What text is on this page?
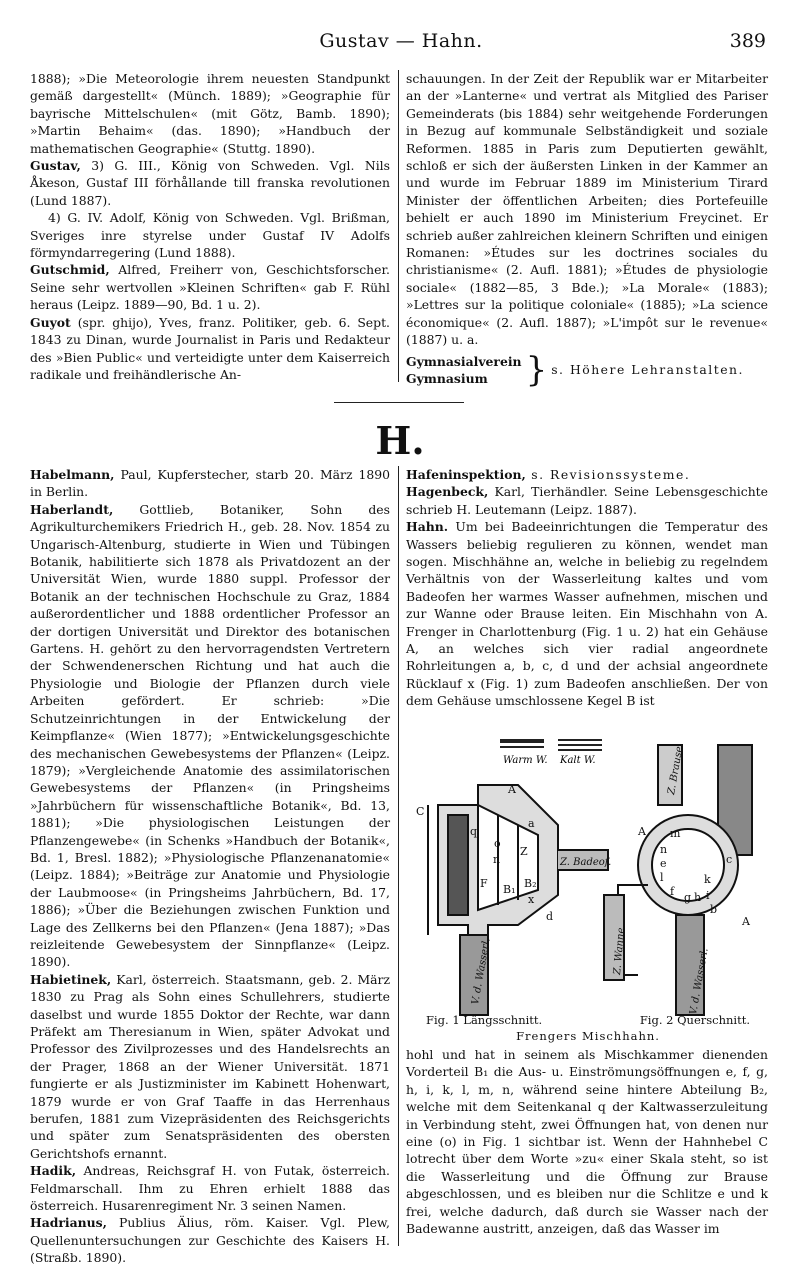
Gustav — Hahn.	389

1888); »Die Meteorologie ihrem neuesten Standpunkt gemäß dargestellt« (Münch. 1889); »Geographie für bayrische Mittelschulen« (mit Götz, Bamb. 1890); »Martin Behaim« (das. 1890); »Handbuch der mathematischen Geographie« (Stuttg. 1890).

Gustav, 3) G. III., König von Schweden. Vgl. Nils Åkeson, Gustaf III förhållande till franska revolutionen (Lund 1887).

4) G. IV. Adolf, König von Schweden. Vgl. Brißman, Sveriges inre styrelse under Gustaf IV Adolfs förmyndarregering (Lund 1888).

Gutschmid, Alfred, Freiherr von, Geschichtsforscher. Seine sehr wertvollen »Kleinen Schriften« gab F. Rühl heraus (Leipz. 1889—90, Bd. 1 u. 2).

Guyot (spr. ghijo), Yves, franz. Politiker, geb. 6. Sept. 1843 zu Dinan, wurde Journalist in Paris und Redakteur des »Bien Public« und verteidigte unter dem Kaiserreich radikale und freihändlerische An-

schauungen. In der Zeit der Republik war er Mitarbeiter an der »Lanterne« und vertrat als Mitglied des Pariser Gemeinderats (bis 1884) sehr weitgehende Forderungen in Bezug auf kommunale Selbständigkeit und soziale Reformen. 1885 in Paris zum Deputierten gewählt, schloß er sich der äußersten Linken in der Kammer an und wurde im Februar 1889 im Ministerium Tirard Minister der öffentlichen Arbeiten; dies Portefeuille behielt er auch 1890 im Ministerium Freycinet. Er schrieb außer zahlreichen kleinern Schriften und einigen Romanen: »Études sur les doctrines sociales du christianisme« (2. Aufl. 1881); »Études de physiologie sociale« (1882—85, 3 Bde.); »La Morale« (1883); »Lettres sur la politique coloniale« (1885); »La science économique« (2. Aufl. 1887); »L'impôt sur le revenue« (1887) u. a.

Gymnasialverein
Gymnasium	} s. Höhere Lehranstalten.
H.

Habelmann, Paul, Kupferstecher, starb 20. März 1890 in Berlin.

Haberlandt, Gottlieb, Botaniker, Sohn des Agrikulturchemikers Friedrich H., geb. 28. Nov. 1854 zu Ungarisch-Altenburg, studierte in Wien und Tübingen Botanik, habilitierte sich 1878 als Privatdozent an der Universität Wien, wurde 1880 suppl. Professor der Botanik an der technischen Hochschule zu Graz, 1884 außerordentlicher und 1888 ordentlicher Professor an der dortigen Universität und Direktor des botanischen Gartens. H. gehört zu den hervorragendsten Vertretern der Schwendenerschen Richtung und hat auch die Physiologie und Biologie der Pflanzen durch viele Arbeiten gefördert. Er schrieb: »Die Schutzeinrichtungen in der Entwickelung der Keimpflanze« (Wien 1877); »Entwickelungsgeschichte des mechanischen Gewebesystems der Pflanzen« (Leipz. 1879); »Vergleichende Anatomie des assimilatorischen Gewebesystems der Pflanzen« (in Pringsheims »Jahrbüchern für wissenschaftliche Botanik«, Bd. 13, 1881); »Die physiologischen Leistungen der Pflanzengewebe« (in Schenks »Handbuch der Botanik«, Bd. 1, Bresl. 1882); »Physiologische Pflanzenanatomie« (Leipz. 1884); »Beiträge zur Anatomie und Physiologie der Laubmoose« (in Pringsheims Jahrbüchern, Bd. 17, 1886); »Über die Beziehungen zwischen Funktion und Lage des Zellkerns bei den Pflanzen« (Jena 1887); »Das reizleitende Gewebesystem der Sinnpflanze« (Leipz. 1890).

Habietinek, Karl, österreich. Staatsmann, geb. 2. März 1830 zu Prag als Sohn eines Schullehrers, studierte daselbst und wurde 1855 Doktor der Rechte, war dann Präfekt am Theresianum in Wien, später Advokat und Professor des Zivilprozesses und des Handelsrechts an der Prager, 1868 an der Wiener Universität. 1871 fungierte er als Justizminister im Kabinett Hohenwart, 1879 wurde er von Graf Taaffe in das Herrenhaus berufen, 1881 zum Vizepräsidenten des Reichsgerichts und später zum Senatspräsidenten des obersten Gerichtshofs ernannt.

Hadik, Andreas, Reichsgraf H. von Futak, österreich. Feldmarschall. Ihm zu Ehren erhielt 1888 das österreich. Husarenregiment Nr. 3 seinen Namen.

Hadrianus, Publius Älius, röm. Kaiser. Vgl. Plew, Quellenuntersuchungen zur Geschichte des Kaisers H. (Straßb. 1890).

Hafeninspektion, s. Revisionssysteme.

Hagenbeck, Karl, Tierhändler. Seine Lebensgeschichte schrieb H. Leutemann (Leipz. 1887).

Hahn. Um bei Badeeinrichtungen die Temperatur des Wassers beliebig regulieren zu können, wendet man sogen. Mischhähne an, welche in beliebig zu regelndem Verhältnis von der Wasserleitung kaltes und vom Badeofen her warmes Wasser aufnehmen, mischen und zur Wanne oder Brause leiten. Ein Mischhahn von A. Frenger in Charlottenburg (Fig. 1 u. 2) hat ein Gehäuse A, an welches sich vier radial angeordnete Rohrleitungen a, b, c, d und der achsial angeordnete Rücklauf x (Fig. 1) zum Badeofen anschließen. Der von dem Gehäuse umschlossene Kegel B ist

Warm W. Kalt W.
C
A
a
n
o
q
F B₁ B₂
x
Z
d
Z. Badeof.
V. d. Wasserl.
A m
n
e
l
c
k
f g h i
b
A
Z. Brause
Z. Wanne	V. d. Wasserl.
Fig. 1 Längsschnitt.	Fig. 2 Querschnitt.
Frengers Mischhahn.
hohl und hat in seinem als Mischkammer dienenden Vorderteil B₁ die Aus- u. Einströmungsöffnungen e, f, g, h, i, k, l, m, n, während seine hintere Abteilung B₂, welche mit dem Seitenkanal q der Kaltwasserzuleitung in Verbindung steht, zwei Öffnungen hat, von denen nur eine (o) in Fig. 1 sichtbar ist. Wenn der Hahnhebel C lotrecht über dem Worte »zu« einer Skala steht, so ist die Wasserleitung und die Öffnung zur Brause abgeschlossen, und es bleiben nur die Schlitze e und k frei, welche dadurch, daß durch sie Wasser nach der Badewanne austritt, anzeigen, daß das Wasser im
